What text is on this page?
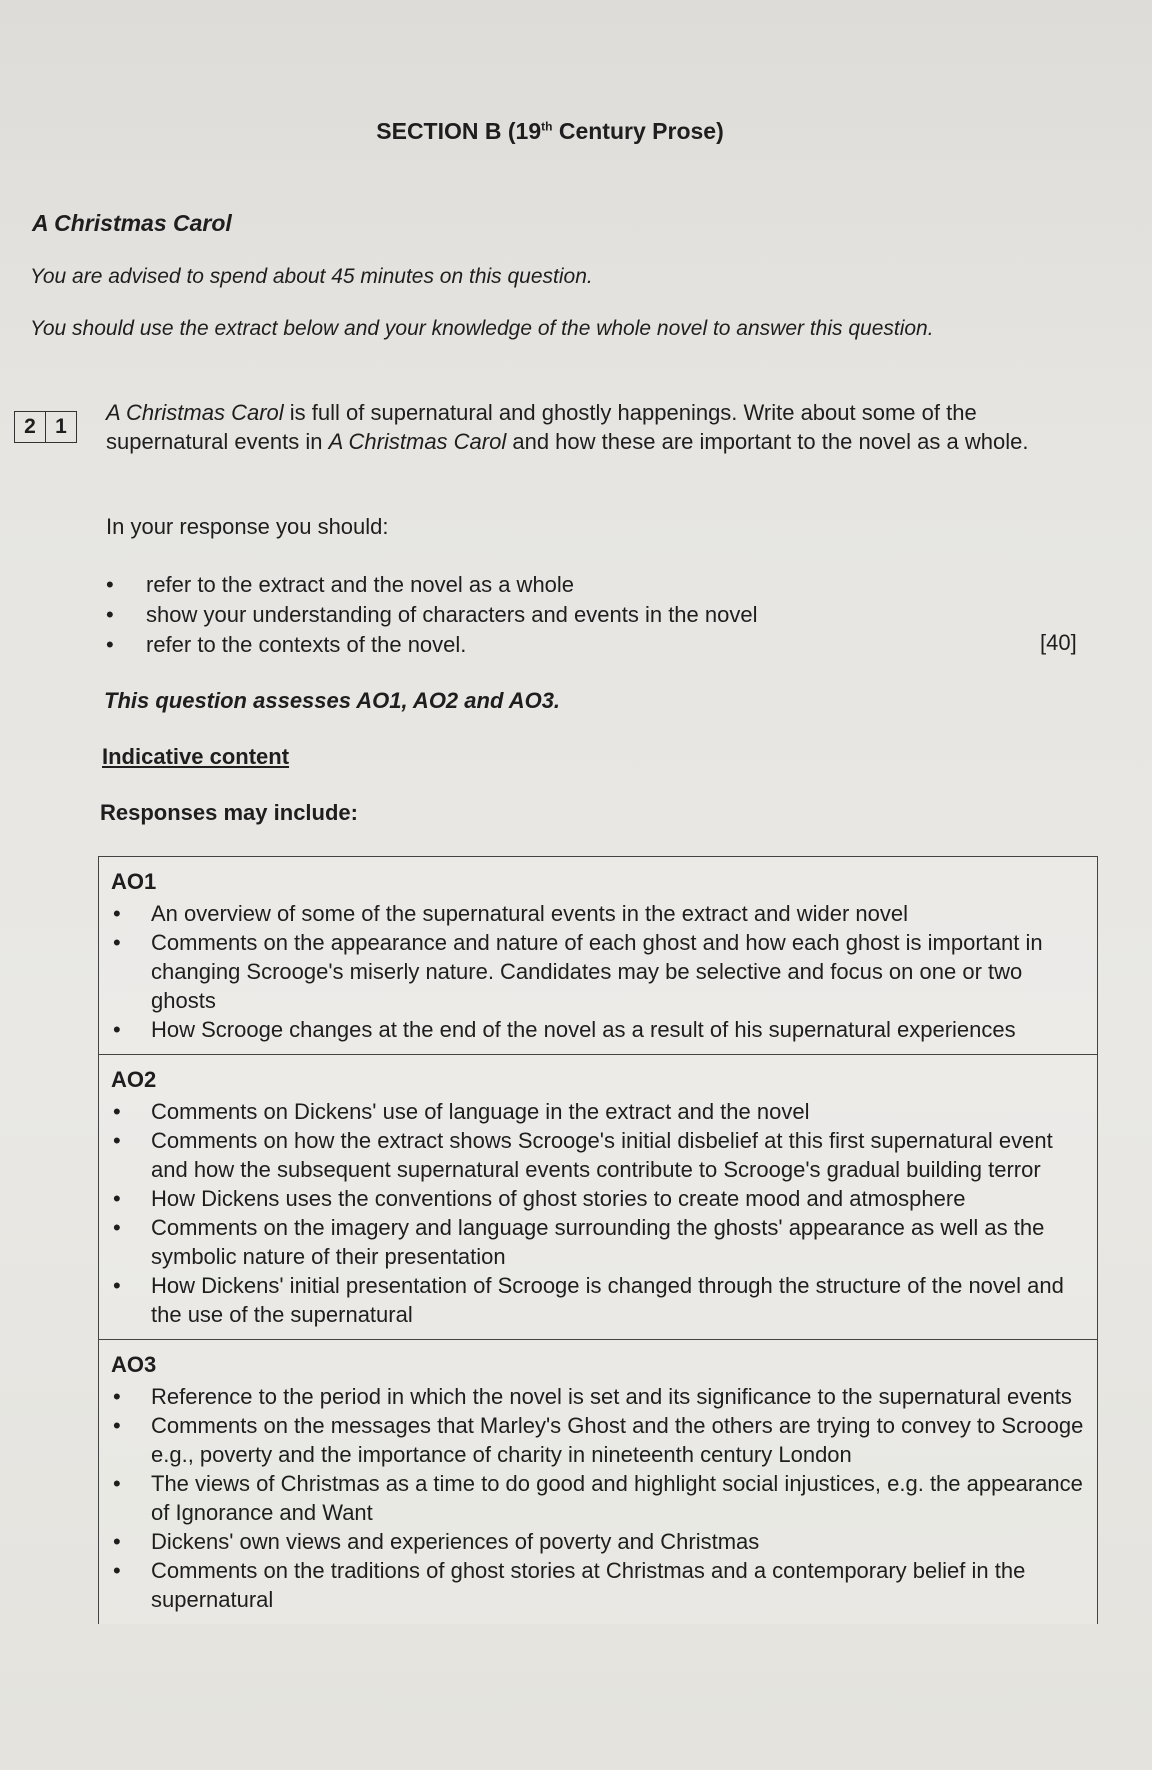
SECTION B (19th Century Prose)
A Christmas Carol
You are advised to spend about 45 minutes on this question.
You should use the extract below and your knowledge of the whole novel to answer this question.
2 1
A Christmas Carol is full of supernatural and ghostly happenings. Write about some of the supernatural events in A Christmas Carol and how these are important to the novel as a whole.
In your response you should:
• refer to the extract and the novel as a whole
• show your understanding of characters and events in the novel
• refer to the contexts of the novel.	[40]
This question assesses AO1, AO2 and AO3.
Indicative content
Responses may include:
AO1
• An overview of some of the supernatural events in the extract and wider novel
• Comments on the appearance and nature of each ghost and how each ghost is important in changing Scrooge's miserly nature. Candidates may be selective and focus on one or two ghosts
• How Scrooge changes at the end of the novel as a result of his supernatural experiences
AO2
• Comments on Dickens' use of language in the extract and the novel
• Comments on how the extract shows Scrooge's initial disbelief at this first supernatural event and how the subsequent supernatural events contribute to Scrooge's gradual building terror
• How Dickens uses the conventions of ghost stories to create mood and atmosphere
• Comments on the imagery and language surrounding the ghosts' appearance as well as the symbolic nature of their presentation
• How Dickens' initial presentation of Scrooge is changed through the structure of the novel and the use of the supernatural
AO3
• Reference to the period in which the novel is set and its significance to the supernatural events
• Comments on the messages that Marley's Ghost and the others are trying to convey to Scrooge e.g., poverty and the importance of charity in nineteenth century London
• The views of Christmas as a time to do good and highlight social injustices, e.g. the appearance of Ignorance and Want
• Dickens' own views and experiences of poverty and Christmas
• Comments on the traditions of ghost stories at Christmas and a contemporary belief in the supernatural
